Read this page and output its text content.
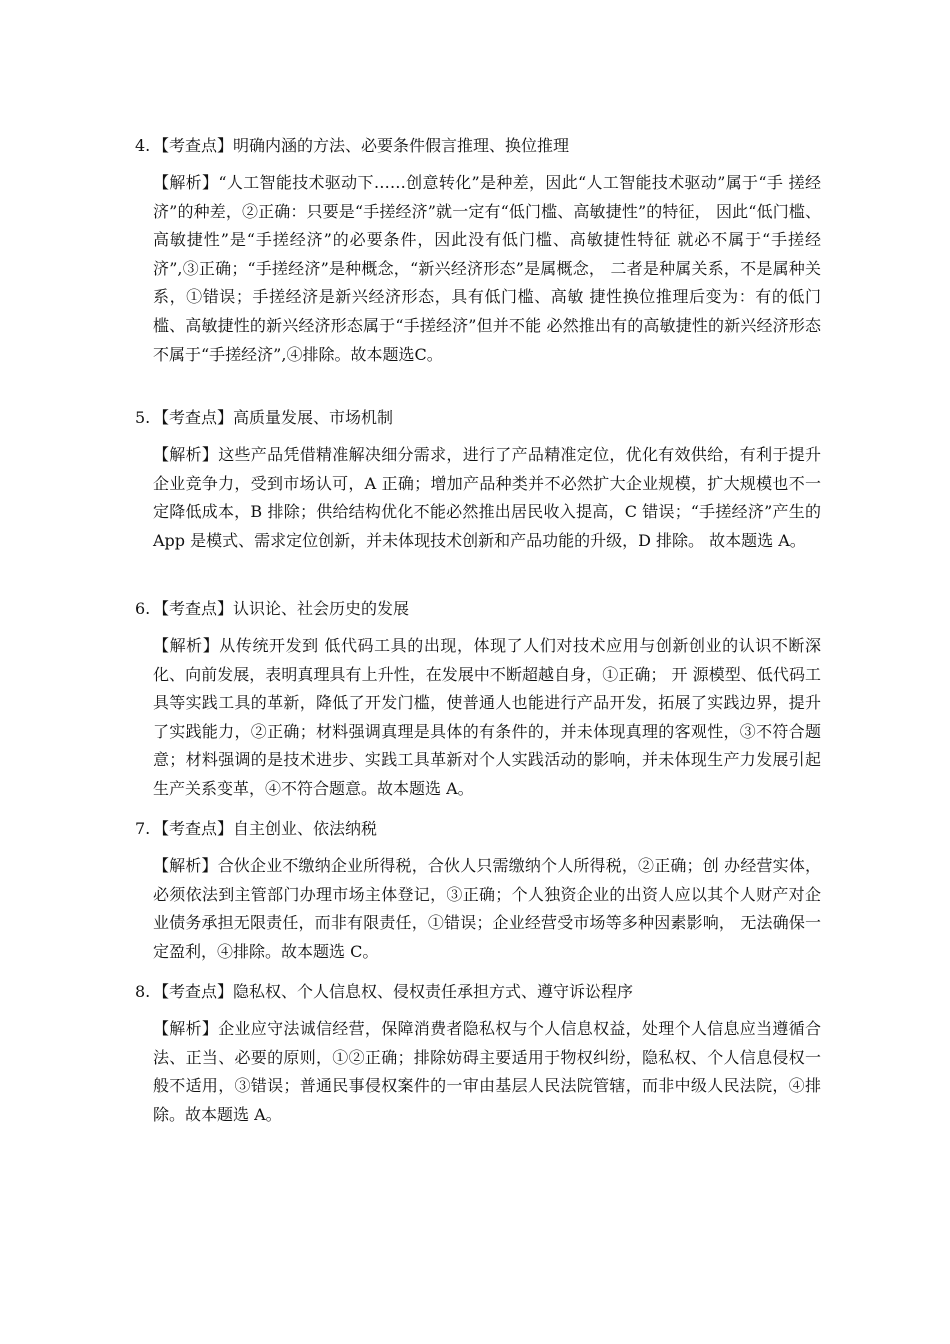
4. 【考查点】明确内涵的方法、必要条件假言推理、换位推理

【解析】“人工智能技术驱动下……创意转化”是种差，因此“人工智能技术驱动”属于“手 搓经济”的种差，②正确：只要是“手搓经济”就一定有“低门槛、高敏捷性”的特征， 因此“低门槛、高敏捷性”是“手搓经济”的必要条件，因此没有低门槛、高敏捷性特征 就必不属于“手搓经济”,③正确；“手搓经济”是种概念，“新兴经济形态”是属概念， 二者是种属关系，不是属种关系，①错误；手搓经济是新兴经济形态，具有低门槛、高敏 捷性换位推理后变为：有的低门槛、高敏捷性的新兴经济形态属于“手搓经济”但并不能 必然推出有的高敏捷性的新兴经济形态不属于“手搓经济”,④排除。故本题选C。

5. 【考查点】高质量发展、市场机制

【解析】这些产品凭借精准解决细分需求，进行了产品精准定位，优化有效供给，有利于提升企业竞争力，受到市场认可，A 正确；增加产品种类并不必然扩大企业规模，扩大规模也不一定降低成本，B 排除；供给结构优化不能必然推出居民收入提高，C 错误；“手搓经济”产生的 App 是模式、需求定位创新，并未体现技术创新和产品功能的升级，D 排除。 故本题选 A。

6. 【考查点】认识论、社会历史的发展

【解析】从传统开发到 低代码工具的出现，体现了人们对技术应用与创新创业的认识不断深化、向前发展，表明真理具有上升性，在发展中不断超越自身，①正确； 开 源模型、低代码工具等实践工具的革新，降低了开发门槛，使普通人也能进行产品开发，拓展了实践边界，提升了实践能力，②正确；材料强调真理是具体的有条件的，并未体现真理的客观性，③不符合题意；材料强调的是技术进步、实践工具革新对个人实践活动的影响，并未体现生产力发展引起生产关系变革，④不符合题意。故本题选 A。

7. 【考查点】自主创业、依法纳税

【解析】合伙企业不缴纳企业所得税，合伙人只需缴纳个人所得税，②正确；创 办经营实体，必须依法到主管部门办理市场主体登记，③正确；个人独资企业的出资人应以其个人财产对企业债务承担无限责任，而非有限责任，①错误；企业经营受市场等多种因素影响， 无法确保一定盈利，④排除。故本题选 C。

8. 【考查点】隐私权、个人信息权、侵权责任承担方式、遵守诉讼程序

【解析】企业应守法诚信经营，保障消费者隐私权与个人信息权益，处理个人信息应当遵循合法、正当、必要的原则，①②正确；排除妨碍主要适用于物权纠纷，隐私权、个人信息侵权一般不适用，③错误；普通民事侵权案件的一审由基层人民法院管辖，而非中级人民法院，④排除。故本题选 A。
